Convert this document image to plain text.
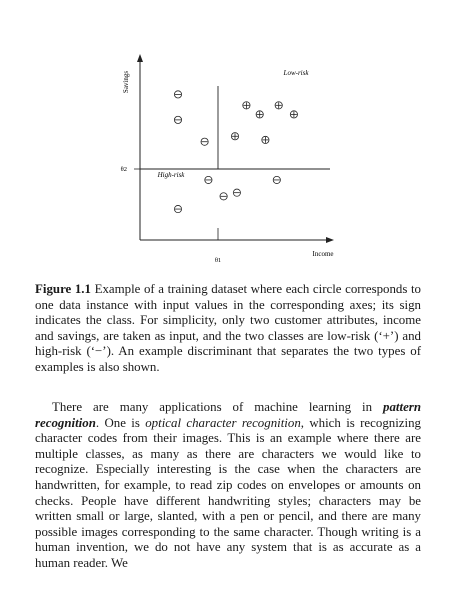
Savings
Income
θ1
θ2
Low-risk
High-risk

Figure 1.1 Example of a training dataset where each circle corresponds to one data instance with input values in the corresponding axes; its sign indicates the class. For simplicity, only two customer attributes, income and savings, are taken as input, and the two classes are low-risk (‘+’) and high-risk (‘−’). An example discriminant that separates the two types of examples is also shown.

There are many applications of machine learning in pattern recognition. One is optical character recognition, which is recognizing character codes from their images. This is an example where there are multiple classes, as many as there are characters we would like to recognize. Especially interesting is the case when the characters are handwritten, for example, to read zip codes on envelopes or amounts on checks. People have different handwriting styles; characters may be written small or large, slanted, with a pen or pencil, and there are many possible images corresponding to the same character. Though writing is a human invention, we do not have any system that is as accurate as a human reader. We
